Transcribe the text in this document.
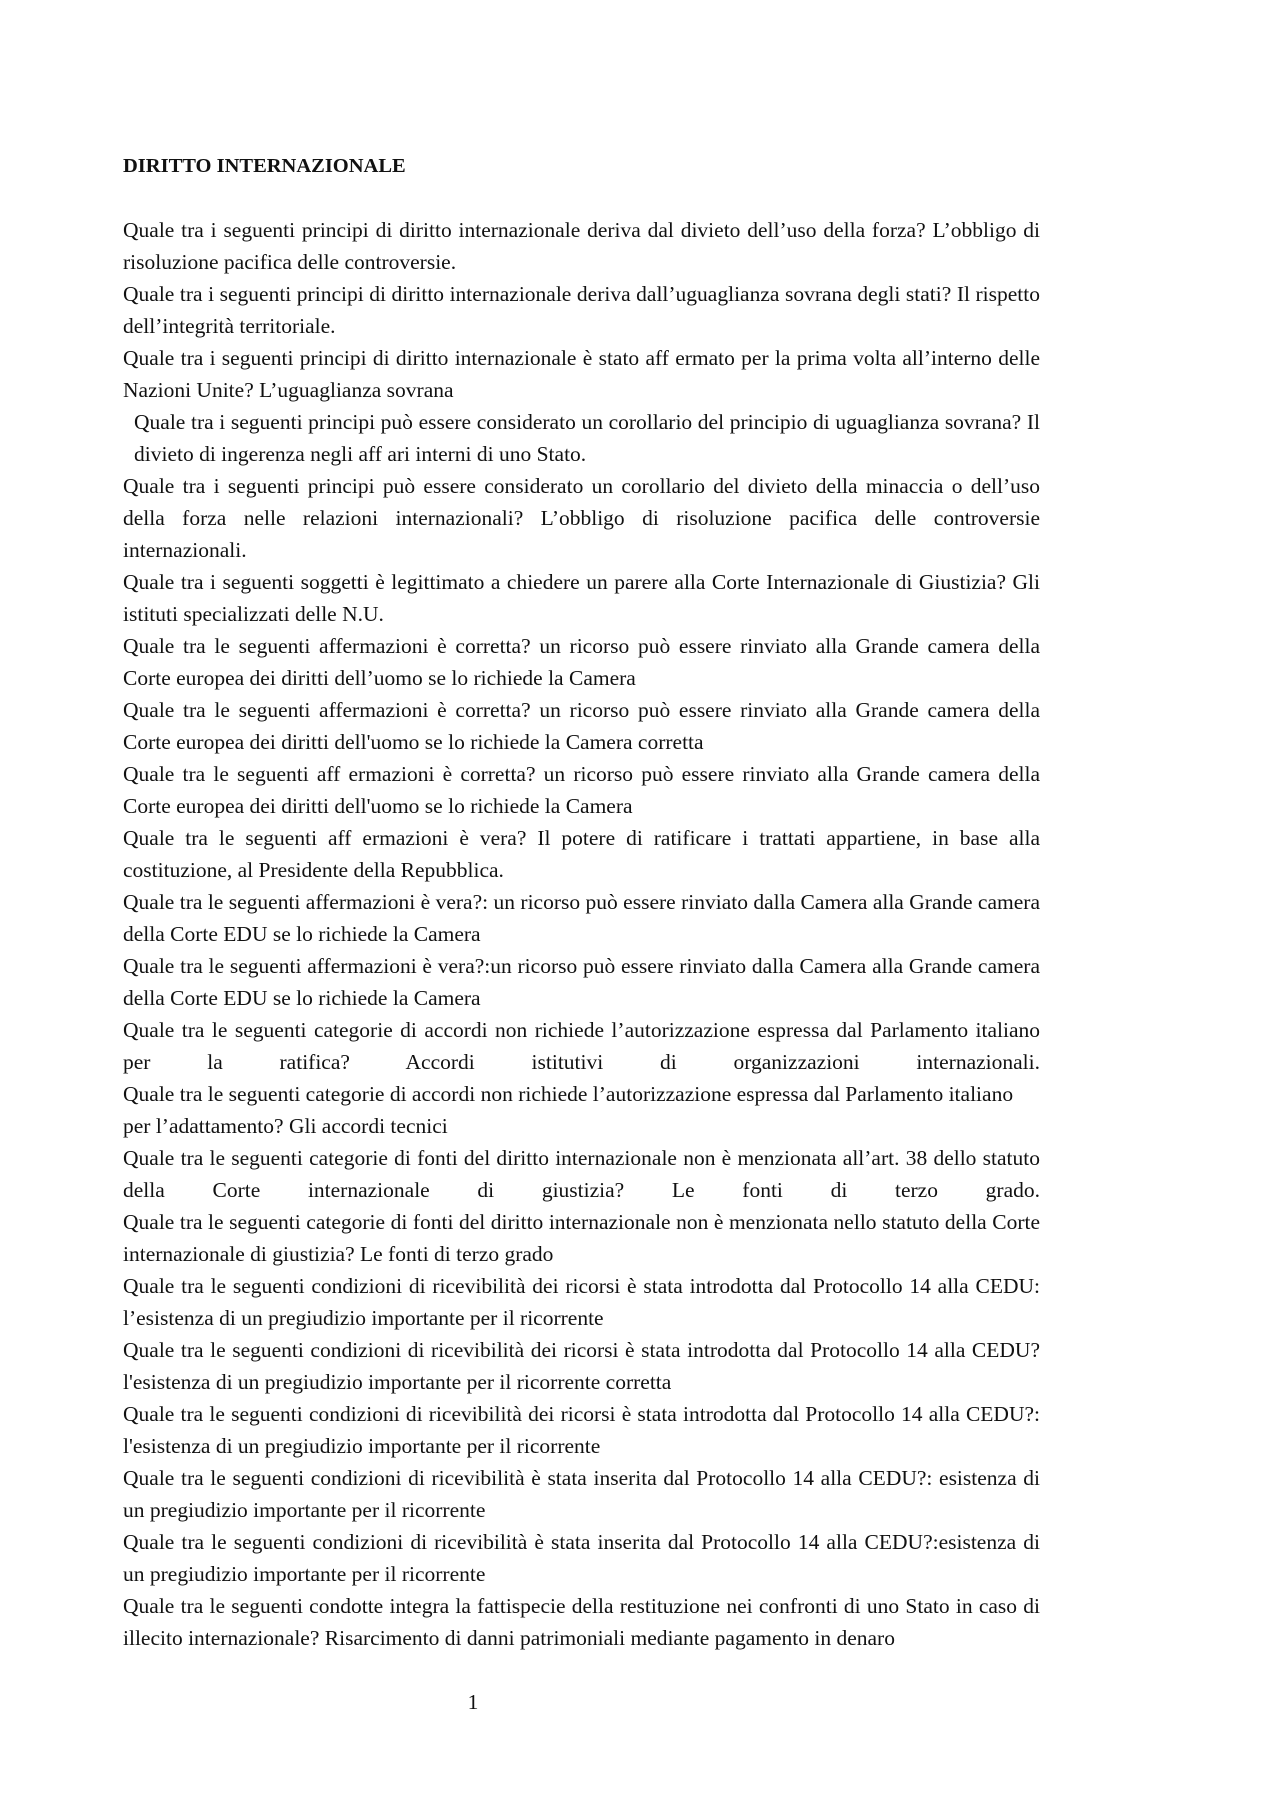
DIRITTO INTERNAZIONALE

Quale tra i seguenti principi di diritto internazionale deriva dal divieto dell’uso della forza? L’obbligo di risoluzione pacifica delle controversie.

Quale tra i seguenti principi di diritto internazionale deriva dall’uguaglianza sovrana degli stati? Il rispetto dell’integrità territoriale.

Quale tra i seguenti principi di diritto internazionale è stato aff ermato per la prima volta all’interno delle Nazioni Unite? L’uguaglianza sovrana

Quale tra i seguenti principi può essere considerato un corollario del principio di uguaglianza sovrana? Il divieto di ingerenza negli aff ari interni di uno Stato.

Quale tra i seguenti principi può essere considerato un corollario del divieto della minaccia o dell’uso della forza nelle relazioni internazionali? L’obbligo di risoluzione pacifica delle controversie internazionali.

Quale tra i seguenti soggetti è legittimato a chiedere un parere alla Corte Internazionale di Giustizia? Gli istituti specializzati delle N.U.

Quale tra le seguenti affermazioni è corretta? un ricorso può essere rinviato alla Grande camera della Corte europea dei diritti dell’uomo se lo richiede la Camera

Quale tra le seguenti affermazioni è corretta? un ricorso può essere rinviato alla Grande camera della Corte europea dei diritti dell'uomo se lo richiede la Camera corretta

Quale tra le seguenti aff ermazioni è corretta? un ricorso può essere rinviato alla Grande camera della Corte europea dei diritti dell'uomo se lo richiede la Camera

Quale tra le seguenti aff ermazioni è vera? Il potere di ratificare i trattati appartiene, in base alla costituzione, al Presidente della Repubblica.

Quale tra le seguenti affermazioni è vera?: un ricorso può essere rinviato dalla Camera alla Grande camera della Corte EDU se lo richiede la Camera

Quale tra le seguenti affermazioni è vera?:un ricorso può essere rinviato dalla Camera alla Grande camera della Corte EDU se lo richiede la Camera

Quale tra le seguenti categorie di accordi non richiede l’autorizzazione espressa dal Parlamento italiano per la ratifica? Accordi istitutivi di organizzazioni internazionali.

Quale tra le seguenti categorie di accordi non richiede l’autorizzazione espressa dal Parlamento italiano per l’adattamento? Gli accordi tecnici

Quale tra le seguenti categorie di fonti del diritto internazionale non è menzionata all’art. 38 dello statuto della Corte internazionale di giustizia? Le fonti di terzo grado.

Quale tra le seguenti categorie di fonti del diritto internazionale non è menzionata nello statuto della Corte internazionale di giustizia? Le fonti di terzo grado

Quale tra le seguenti condizioni di ricevibilità dei ricorsi è stata introdotta dal Protocollo 14 alla CEDU: l’esistenza di un pregiudizio importante per il ricorrente

Quale tra le seguenti condizioni di ricevibilità dei ricorsi è stata introdotta dal Protocollo 14 alla CEDU? l'esistenza di un pregiudizio importante per il ricorrente corretta

Quale tra le seguenti condizioni di ricevibilità dei ricorsi è stata introdotta dal Protocollo 14 alla CEDU?: l'esistenza di un pregiudizio importante per il ricorrente

Quale tra le seguenti condizioni di ricevibilità è stata inserita dal Protocollo 14 alla CEDU?: esistenza di un pregiudizio importante per il ricorrente

Quale tra le seguenti condizioni di ricevibilità è stata inserita dal Protocollo 14 alla CEDU?:esistenza di un pregiudizio importante per il ricorrente

Quale tra le seguenti condotte integra la fattispecie della restituzione nei confronti di uno Stato in caso di illecito internazionale? Risarcimento di danni patrimoniali mediante pagamento in denaro

1
